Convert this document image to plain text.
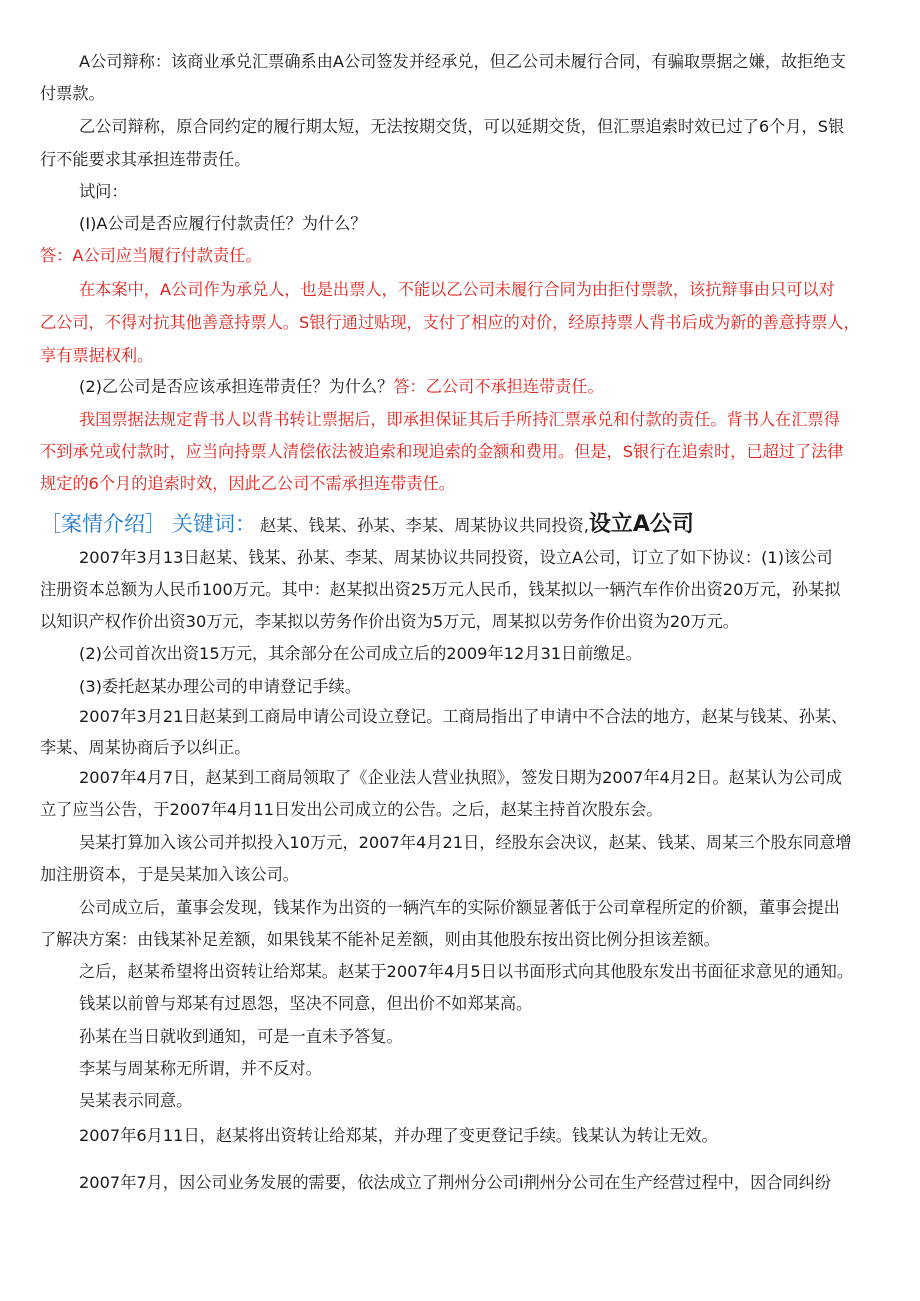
A公司辩称：该商业承兑汇票确系由A公司签发并经承兑，但乙公司未履行合同，有骗取票据之嫌，故拒绝支
付票款。
乙公司辩称，原合同约定的履行期太短，无法按期交货，可以延期交货，但汇票追索时效已过了6个月，S银
行不能要求其承担连带责任。
试问：
(I)A公司是否应履行付款责任？为什么？
答：A公司应当履行付款责任。
在本案中，A公司作为承兑人，也是出票人，不能以乙公司未履行合同为由拒付票款，该抗辩事由只可以对
乙公司，不得对抗其他善意持票人。S银行通过贴现，支付了相应的对价，经原持票人背书后成为新的善意持票人，
享有票据权利。
(2)乙公司是否应该承担连带责任？为什么？答：乙公司不承担连带责任。
我国票据法规定背书人以背书转让票据后，即承担保证其后手所持汇票承兑和付款的责任。背书人在汇票得
不到承兑或付款时，应当向持票人清偿依法被追索和现追索的金额和费用。但是，S银行在追索时，已超过了法律
规定的6个月的追索时效，因此乙公司不需承担连带责任。
［案情介绍］ 关键词： 赵某、钱某、孙某、李某、周某协议共同投资,设立A公司
2007年3月13日赵某、钱某、孙某、李某、周某协议共同投资，设立A公司，订立了如下协议：(1)该公司
注册资本总额为人民币100万元。其中：赵某拟出资25万元人民币，钱某拟以一辆汽车作价出资20万元，孙某拟
以知识产权作价出资30万元，李某拟以劳务作价出资为5万元，周某拟以劳务作价出资为20万元。
(2)公司首次出资15万元，其余部分在公司成立后的2009年12月31日前缴足。
(3)委托赵某办理公司的申请登记手续。
2007年3月21日赵某到工商局申请公司设立登记。工商局指出了申请中不合法的地方，赵某与钱某、孙某、
李某、周某协商后予以纠正。
2007年4月7日，赵某到工商局领取了《企业法人营业执照》，签发日期为2007年4月2日。赵某认为公司成
立了应当公告，于2007年4月11日发出公司成立的公告。之后，赵某主持首次股东会。
吴某打算加入该公司并拟投入10万元，2007年4月21日，经股东会决议，赵某、钱某、周某三个股东同意增
加注册资本，于是吴某加入该公司。
公司成立后，董事会发现，钱某作为出资的一辆汽车的实际价额显著低于公司章程所定的价额，董事会提出
了解决方案：由钱某补足差额，如果钱某不能补足差额，则由其他股东按出资比例分担该差额。
之后，赵某希望将出资转让给郑某。赵某于2007年4月5日以书面形式向其他股东发出书面征求意见的通知。
钱某以前曾与郑某有过恩怨，坚决不同意，但出价不如郑某高。
孙某在当日就收到通知，可是一直未予答复。
李某与周某称无所谓，并不反对。
吴某表示同意。
2007年6月11日，赵某将出资转让给郑某，并办理了变更登记手续。钱某认为转让无效。
2007年7月，因公司业务发展的需要，依法成立了荆州分公司i荆州分公司在生产经营过程中，因合同纠纷
